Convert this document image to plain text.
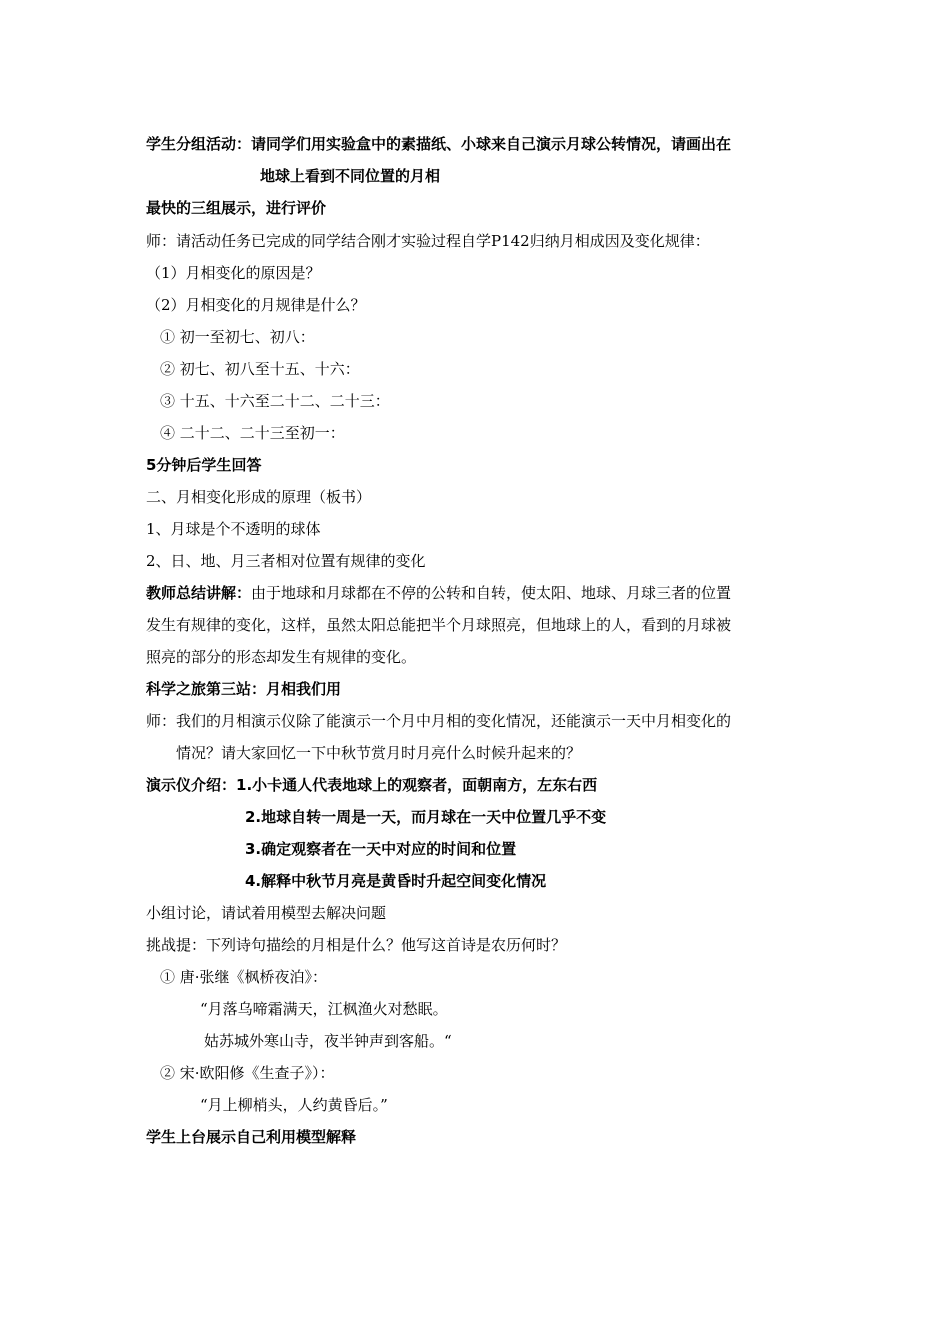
学生分组活动：请同学们用实验盒中的素描纸、小球来自己演示月球公转情况，请画出在
地球上看到不同位置的月相
最快的三组展示，进行评价
师：请活动任务已完成的同学结合刚才实验过程自学P142归纳月相成因及变化规律：
（1）月相变化的原因是？
（2）月相变化的月规律是什么？
① 初一至初七、初八：
② 初七、初八至十五、十六：
③ 十五、十六至二十二、二十三：
④ 二十二、二十三至初一：
5分钟后学生回答
二、月相变化形成的原理（板书）
1、月球是个不透明的球体
2、日、地、月三者相对位置有规律的变化
教师总结讲解：由于地球和月球都在不停的公转和自转，使太阳、地球、月球三者的位置
发生有规律的变化，这样，虽然太阳总能把半个月球照亮，但地球上的人，看到的月球被
照亮的部分的形态却发生有规律的变化。
科学之旅第三站：月相我们用
师：我们的月相演示仪除了能演示一个月中月相的变化情况，还能演示一天中月相变化的
情况？请大家回忆一下中秋节赏月时月亮什么时候升起来的？
演示仪介绍：1.小卡通人代表地球上的观察者，面朝南方，左东右西
2.地球自转一周是一天，而月球在一天中位置几乎不变
3.确定观察者在一天中对应的时间和位置
4.解释中秋节月亮是黄昏时升起空间变化情况
小组讨论，请试着用模型去解决问题
挑战提：下列诗句描绘的月相是什么？他写这首诗是农历何时？
① 唐·张继《枫桥夜泊》：
“月落乌啼霜满天，江枫渔火对愁眠。
姑苏城外寒山寺，夜半钟声到客船。“
② 宋·欧阳修《生查子》）：
“月上柳梢头，人约黄昏后。”
学生上台展示自己利用模型解释
